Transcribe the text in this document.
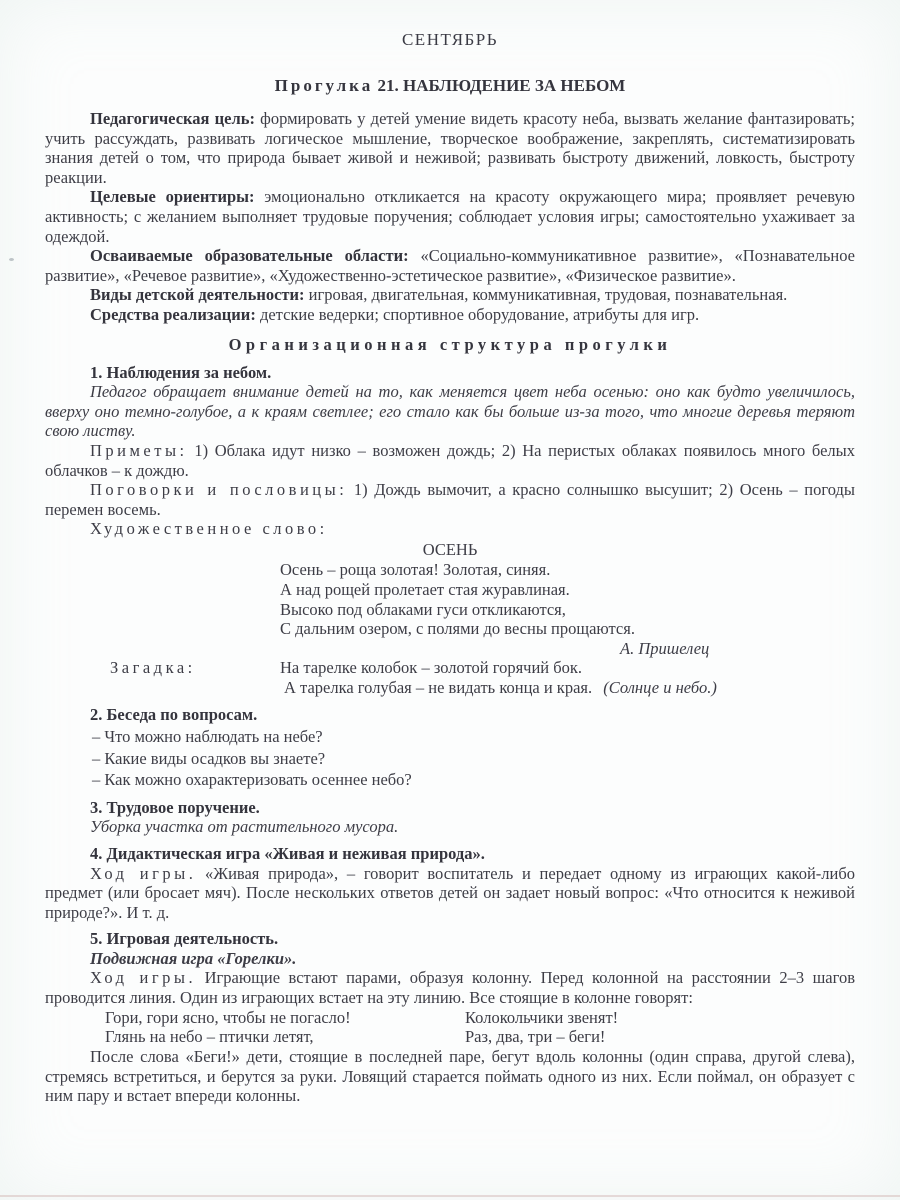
СЕНТЯБРЬ
Прогулка 21. НАБЛЮДЕНИЕ ЗА НЕБОМ

Педагогическая цель: формировать у детей умение видеть красоту неба, вызвать желание фантазировать; учить рассуждать, развивать логическое мышление, творческое воображение, закреплять, систематизировать знания детей о том, что природа бывает живой и неживой; развивать быстроту движений, ловкость, быстроту реакции.

Целевые ориентиры: эмоционально откликается на красоту окружающего мира; проявляет речевую активность; с желанием выполняет трудовые поручения; соблюдает условия игры; самостоятельно ухаживает за одеждой.

Осваиваемые образовательные области: «Социально-коммуникативное развитие», «Познавательное развитие», «Речевое развитие», «Художественно-эстетическое развитие», «Физическое развитие».

Виды детской деятельности: игровая, двигательная, коммуникативная, трудовая, познавательная.

Средства реализации: детские ведерки; спортивное оборудование, атрибуты для игр.

Организационная структура прогулки
1. Наблюдения за небом.

Педагог обращает внимание детей на то, как меняется цвет неба осенью: оно как будто увеличилось, вверху оно темно-голубое, а к краям светлее; его стало как бы больше из-за того, что многие деревья теряют свою листву.

Приметы: 1) Облака идут низко – возможен дождь; 2) На перистых облаках появилось много белых облачков – к дождю.

Поговорки и пословицы: 1) Дождь вымочит, а красно солнышко высушит; 2) Осень – погоды перемен восемь.

Художественное слово:

ОСЕНЬ
Осень – роща золотая! Золотая, синяя.
А над рощей пролетает стая журавлиная.
Высоко под облаками гуси откликаются,
С дальним озером, с полями до весны прощаются.
А. Пришелец
Загадка:	На тарелке колобок – золотой горячий бок.
А тарелка голубая – не видать конца и края. (Солнце и небо.)
2. Беседа по вопросам.

– Что можно наблюдать на небе?

– Какие виды осадков вы знаете?

– Как можно охарактеризовать осеннее небо?

3. Трудовое поручение.

Уборка участка от растительного мусора.

4. Дидактическая игра «Живая и неживая природа».

Ход игры. «Живая природа», – говорит воспитатель и передает одному из играющих какой-либо предмет (или бросает мяч). После нескольких ответов детей он задает новый вопрос: «Что относится к неживой природе?». И т. д.

5. Игровая деятельность.

Подвижная игра «Горелки».

Ход игры. Играющие встают парами, образуя колонну. Перед колонной на расстоянии 2–3 шагов проводится линия. Один из играющих встает на эту линию. Все стоящие в колонне говорят:

Гори, гори ясно, чтобы не погасло!	Колокольчики звенят!
Глянь на небо – птички летят,	Раз, два, три – беги!

После слова «Беги!» дети, стоящие в последней паре, бегут вдоль колонны (один справа, другой слева), стремясь встретиться, и берутся за руки. Ловящий старается поймать одного из них. Если поймал, он образует с ним пару и встает впереди колонны.
